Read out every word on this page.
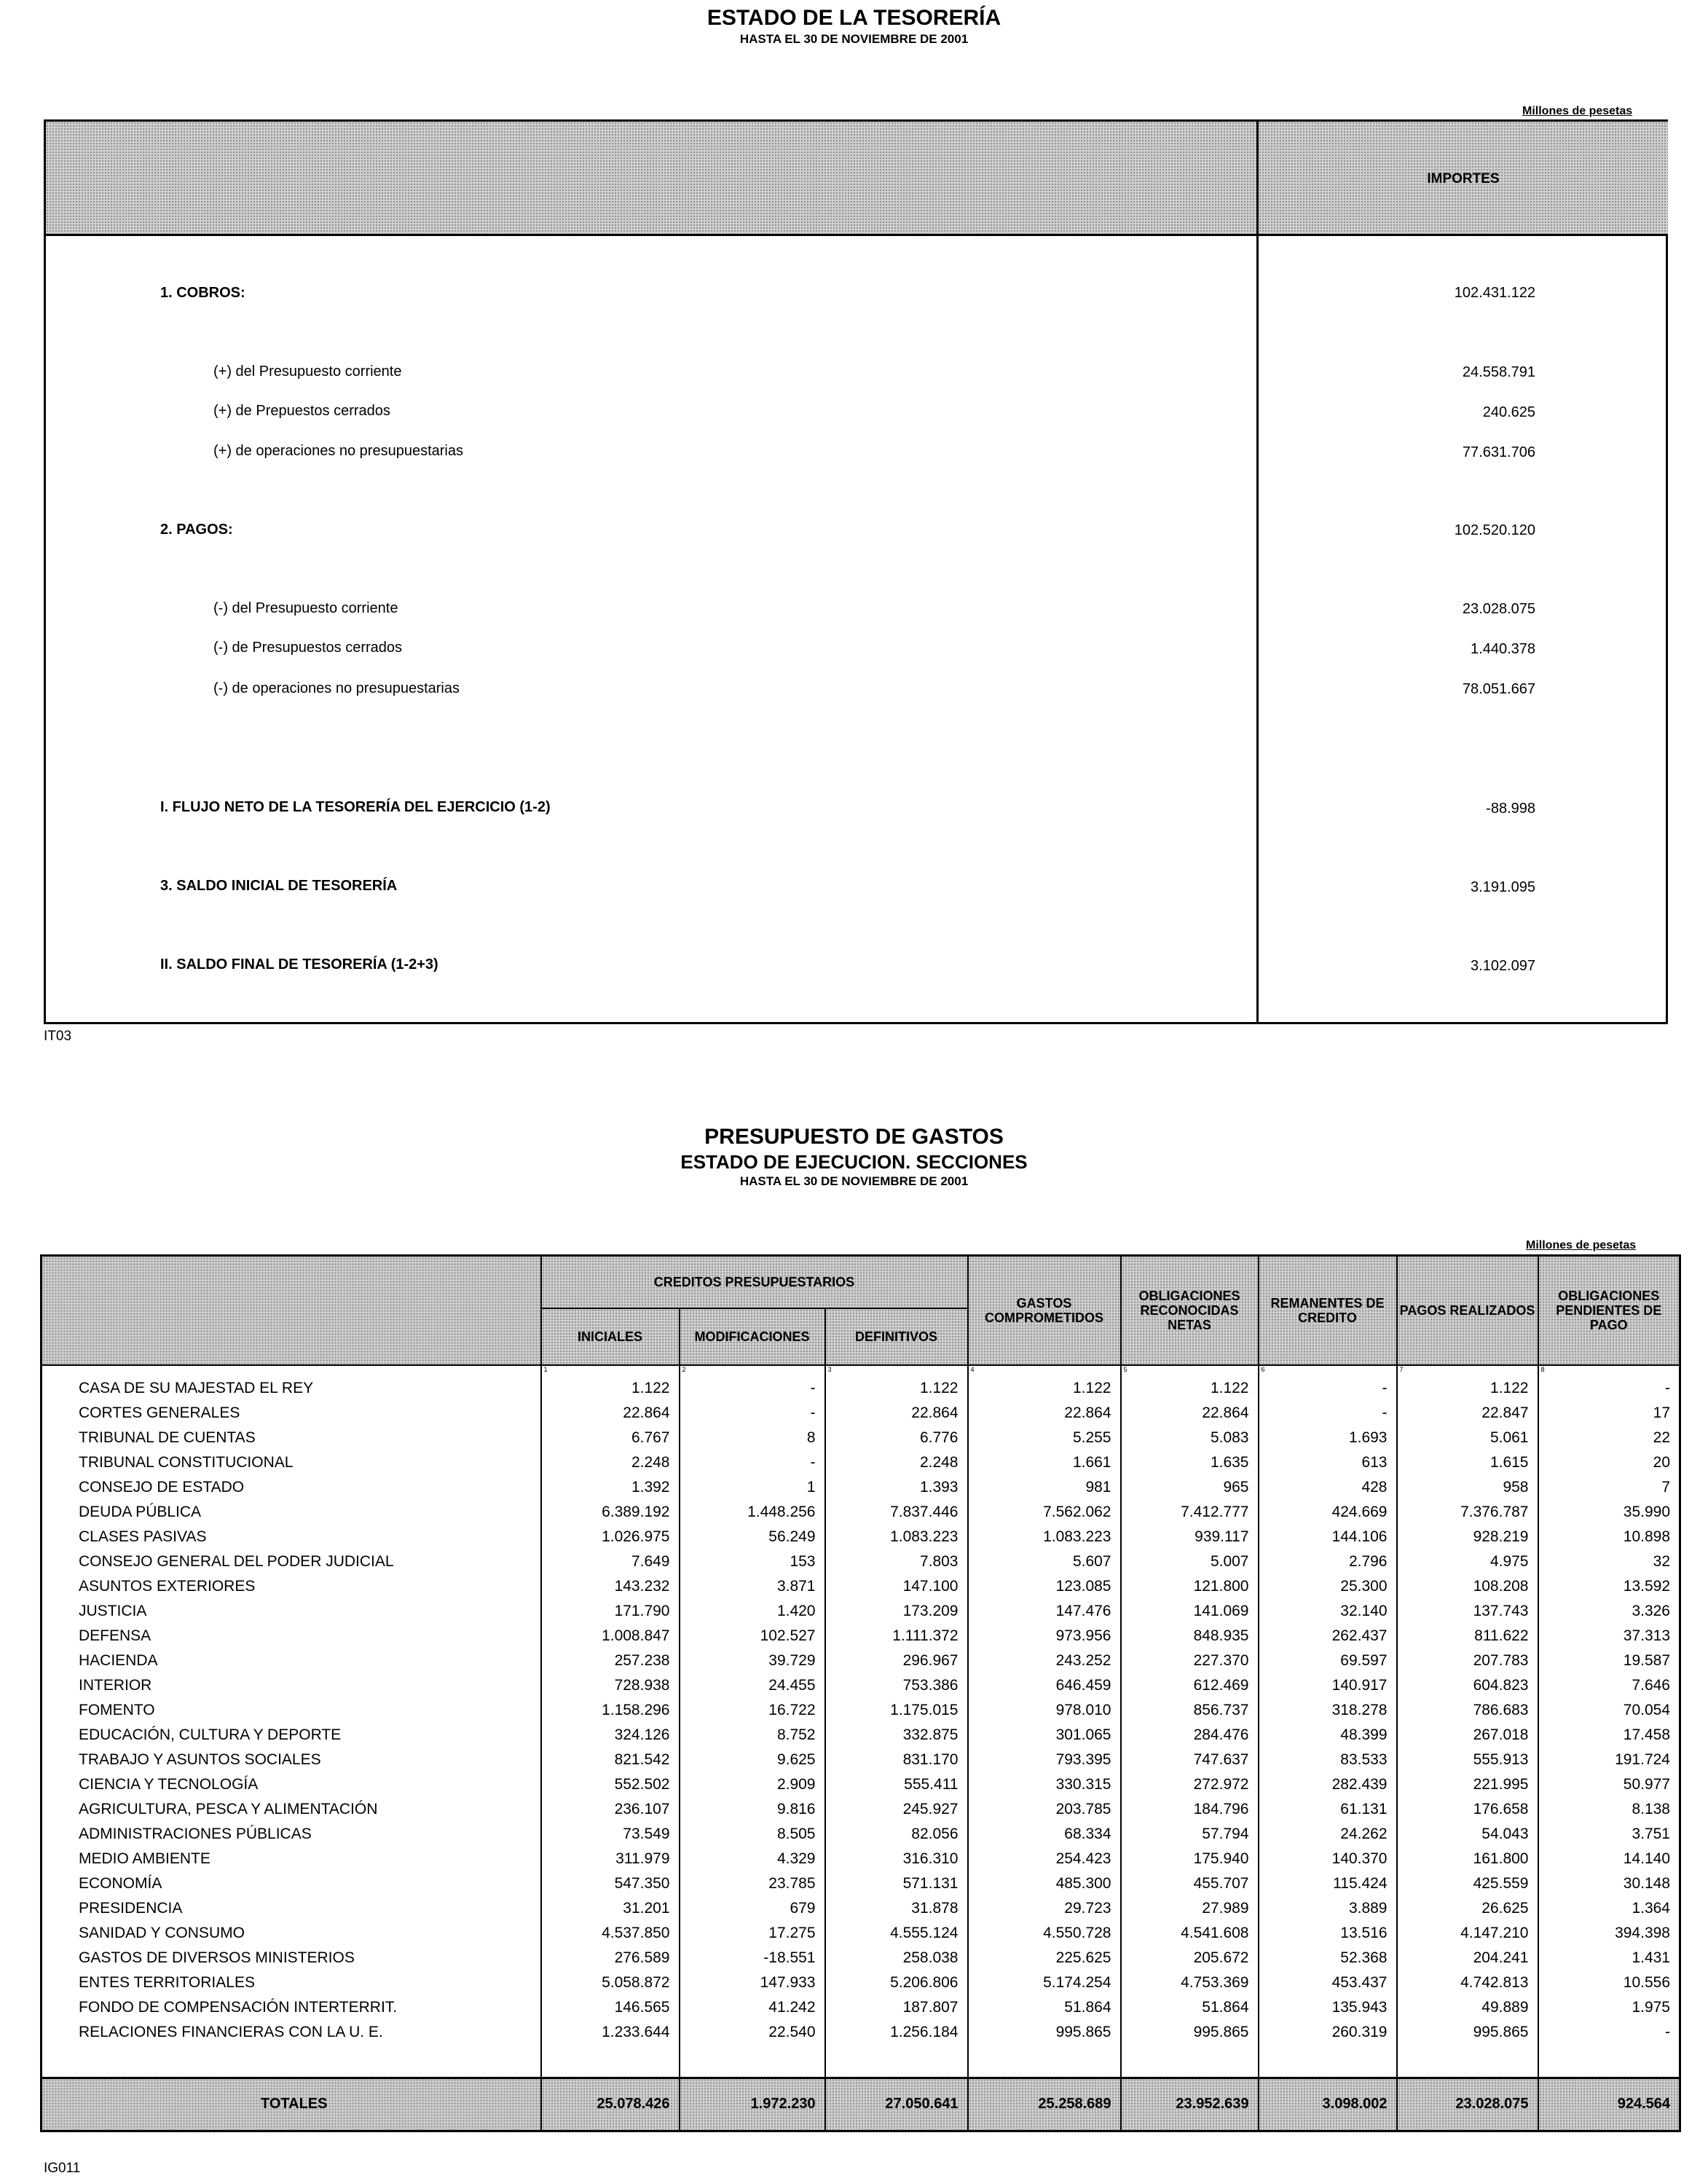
ESTADO DE LA TESORERÍA
HASTA EL 30 DE NOVIEMBRE DE 2001
Millones de pesetas
IMPORTES
1. COBROS:	102.431.122
(+) del Presupuesto corriente	24.558.791
(+) de Prepuestos cerrados	240.625
(+) de operaciones no presupuestarias	77.631.706
2. PAGOS:	102.520.120
(-) del Presupuesto corriente	23.028.075
(-) de Presupuestos cerrados	1.440.378
(-) de operaciones no presupuestarias	78.051.667
I. FLUJO NETO DE LA TESORERÍA DEL EJERCICIO (1-2)	-88.998
3. SALDO INICIAL DE TESORERÍA	3.191.095
II. SALDO FINAL DE TESORERÍA (1-2+3)	3.102.097
IT03
PRESUPUESTO DE GASTOS
ESTADO DE EJECUCION. SECCIONES
HASTA EL 30 DE NOVIEMBRE DE 2001
Millones de pesetas
	CREDITOS PRESUPUESTARIOS			GASTOS COMPROMETIDOS	OBLIGACIONES RECONOCIDAS NETAS	REMANENTES DE CREDITO	PAGOS REALIZADOS	OBLIGACIONES PENDIENTES DE PAGO
	INICIALES	MODIFICACIONES	DEFINITIVOS					
	1	2	3	4	5	6	7	8
CASA DE SU MAJESTAD EL REY	1.122	-	1.122	1.122	1.122	-	1.122	-
CORTES GENERALES	22.864	-	22.864	22.864	22.864	-	22.847	17
TRIBUNAL DE CUENTAS	6.767	8	6.776	5.255	5.083	1.693	5.061	22
TRIBUNAL CONSTITUCIONAL	2.248	-	2.248	1.661	1.635	613	1.615	20
CONSEJO DE ESTADO	1.392	1	1.393	981	965	428	958	7
DEUDA PÚBLICA	6.389.192	1.448.256	7.837.446	7.562.062	7.412.777	424.669	7.376.787	35.990
CLASES PASIVAS	1.026.975	56.249	1.083.223	1.083.223	939.117	144.106	928.219	10.898
CONSEJO GENERAL DEL PODER JUDICIAL	7.649	153	7.803	5.607	5.007	2.796	4.975	32
ASUNTOS EXTERIORES	143.232	3.871	147.100	123.085	121.800	25.300	108.208	13.592
JUSTICIA	171.790	1.420	173.209	147.476	141.069	32.140	137.743	3.326
DEFENSA	1.008.847	102.527	1.111.372	973.956	848.935	262.437	811.622	37.313
HACIENDA	257.238	39.729	296.967	243.252	227.370	69.597	207.783	19.587
INTERIOR	728.938	24.455	753.386	646.459	612.469	140.917	604.823	7.646
FOMENTO	1.158.296	16.722	1.175.015	978.010	856.737	318.278	786.683	70.054
EDUCACIÓN, CULTURA Y DEPORTE	324.126	8.752	332.875	301.065	284.476	48.399	267.018	17.458
TRABAJO Y ASUNTOS SOCIALES	821.542	9.625	831.170	793.395	747.637	83.533	555.913	191.724
CIENCIA Y TECNOLOGÍA	552.502	2.909	555.411	330.315	272.972	282.439	221.995	50.977
AGRICULTURA, PESCA Y ALIMENTACIÓN	236.107	9.816	245.927	203.785	184.796	61.131	176.658	8.138
ADMINISTRACIONES PÚBLICAS	73.549	8.505	82.056	68.334	57.794	24.262	54.043	3.751
MEDIO AMBIENTE	311.979	4.329	316.310	254.423	175.940	140.370	161.800	14.140
ECONOMÍA	547.350	23.785	571.131	485.300	455.707	115.424	425.559	30.148
PRESIDENCIA	31.201	679	31.878	29.723	27.989	3.889	26.625	1.364
SANIDAD Y CONSUMO	4.537.850	17.275	4.555.124	4.550.728	4.541.608	13.516	4.147.210	394.398
GASTOS DE DIVERSOS MINISTERIOS	276.589	-18.551	258.038	225.625	205.672	52.368	204.241	1.431
ENTES TERRITORIALES	5.058.872	147.933	5.206.806	5.174.254	4.753.369	453.437	4.742.813	10.556
FONDO DE COMPENSACIÓN INTERTERRIT.	146.565	41.242	187.807	51.864	51.864	135.943	49.889	1.975
RELACIONES FINANCIERAS CON LA U. E.	1.233.644	22.540	1.256.184	995.865	995.865	260.319	995.865	-

TOTALES	25.078.426	1.972.230	27.050.641	25.258.689	23.952.639	3.098.002	23.028.075	924.564
IG011
